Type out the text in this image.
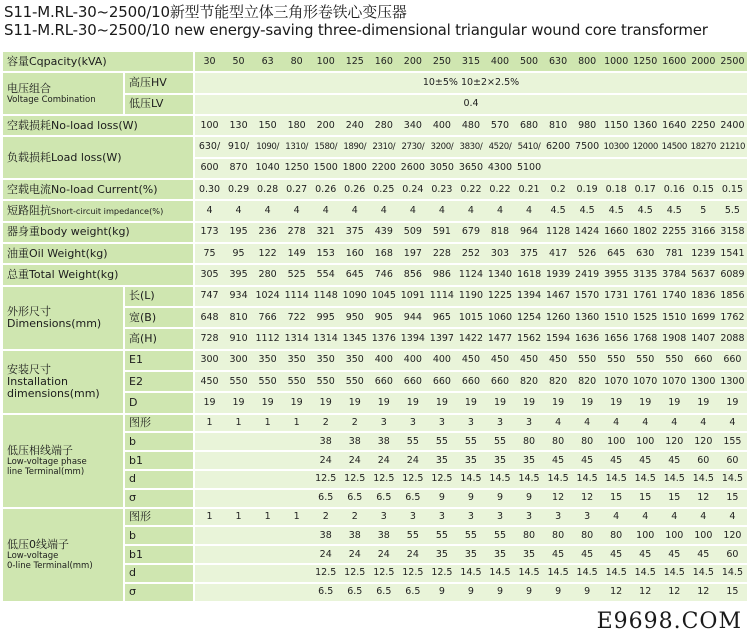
S11-M.RL-30~2500/10新型节能型立体三角形卷铁心变压器
S11-M.RL-30~2500/10 new energy-saving three-dimensional triangular wound core transformer
容量Cqpacity(kVA)		30	50	63	80	100	125	160	200	250	315	400	500	630	800	1000	1250	1600	2000	2500

电压组合
Voltage Combination	高压HV	10±5% 10±2×2.5%																		
	低压LV	0.4																		
空载损耗No-load loss(W)		100	130	150	180	200	240	280	340	400	480	570	680	810	980	1150	1360	1640	2250	2400
负载损耗Load loss(W)		630/	910/	1090/	1310/	1580/	1890/	2310/	2730/	3200/	3830/	4520/	5410/	6200	7500	10300	12000	14500	18270	21210
		600	870	1040	1250	1500	1800	2200	2600	3050	3650	4300	5100							
空载电流No-load Current(%)		0.30	0.29	0.28	0.27	0.26	0.26	0.25	0.24	0.23	0.22	0.22	0.21	0.2	0.19	0.18	0.17	0.16	0.15	0.15
短路阻抗Short-circuit impedance(%)		4	4	4	4	4	4	4	4	4	4	4	4	4.5	4.5	4.5	4.5	4.5	5	5.5
器身重body weight(kg)		173	195	236	278	321	375	439	509	591	679	818	964	1128	1424	1660	1802	2255	3166	3158
油重Oil Weight(kg)		75	95	122	149	153	160	168	197	228	252	303	375	417	526	645	630	781	1239	1541
总重Total Weight(kg)		305	395	280	525	554	645	746	856	986	1124	1340	1618	1939	2419	3955	3135	3784	5637	6089

外形尺寸
Dimensions(mm)	长(L)	747	934	1024	1114	1148	1090	1045	1091	1114	1190	1225	1394	1467	1570	1731	1761	1740	1836	1856
	宽(B)	648	810	766	722	995	950	905	944	965	1015	1060	1254	1260	1360	1510	1525	1510	1699	1762
	高(H)	728	910	1112	1314	1314	1345	1376	1394	1397	1422	1477	1562	1594	1636	1656	1768	1908	1407	2088

安装尺寸
Installation
dimensions(mm)	E1	300	300	350	350	350	350	400	400	400	450	450	450	450	550	550	550	550	660	660
	E2	450	550	550	550	550	550	660	660	660	660	660	820	820	820	1070	1070	1070	1300	1300
	D	19	19	19	19	19	19	19	19	19	19	19	19	19	19	19	19	19	19	19

低压相线端子
Low-voltage phase
line Terminal(mm)	图形	1	1	1	1	2	2	3	3	3	3	3	3	4	4	4	4	4	4	4
	b					38	38	38	55	55	55	55	80	80	80	100	100	120	120	155
	b1					24	24	24	24	35	35	35	35	45	45	45	45	45	60	60
	d					12.5	12.5	12.5	12.5	12.5	14.5	14.5	14.5	14.5	14.5	14.5	14.5	14.5	14.5	14.5
	σ					6.5	6.5	6.5	6.5	9	9	9	9	12	12	15	15	15	12	15

低压0线端子
Low-voltage
0-line Terminal(mm)	图形	1	1	1	1	2	2	3	3	3	3	3	3	3	3	4	4	4	4	4
	b					38	38	38	55	55	55	55	80	80	80	80	100	100	100	120
	b1					24	24	24	24	35	35	35	35	45	45	45	45	45	45	60
	d					12.5	12.5	12.5	12.5	12.5	14.5	14.5	14.5	14.5	14.5	14.5	14.5	14.5	14.5	14.5
	σ					6.5	6.5	6.5	6.5	9	9	9	9	9	9	12	12	12	12	15
E9698.COM
